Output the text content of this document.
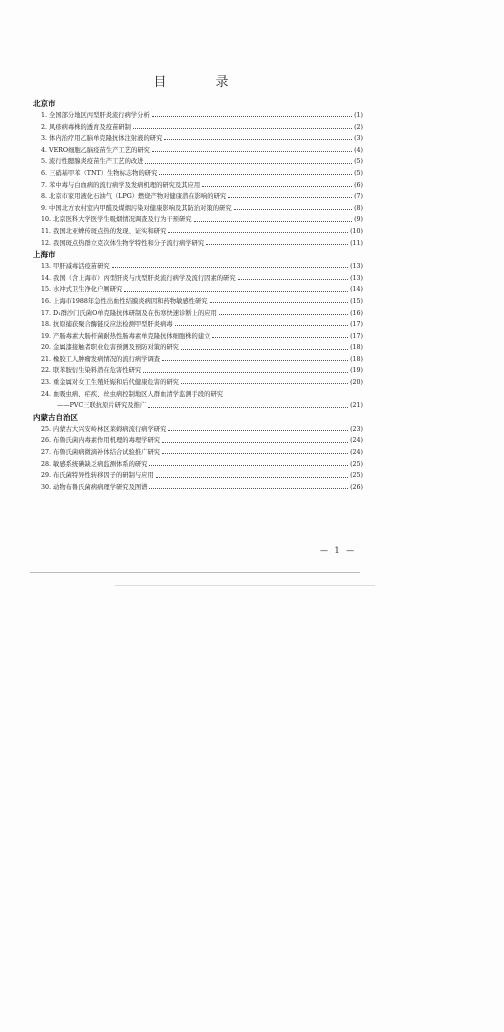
目　录
北京市
1. 全国部分地区丙型肝炎流行病学分析	(1)
2. 风疹病毒株的透育及疫苗研制	(2)
3. 体内治疗用乙脑单克隆抗体注射液的研究	(3)
4. VERO细胞乙脑疫苗生产工艺的研究	(4)
5. 流行性腮腺炎疫苗生产工艺的改进	(5)
6. 三硝基甲苯（TNT）生物标志物的研究	(5)
7. 苯中毒与白血病的流行病学及发病机理的研究及其应用	(6)
8. 北京市家用液化石油气（LPG）燃烧产物对健康潜在影响的研究	(7)
9. 中国北方农村室内甲醛及煤烟污染对健康影响及其防治对策的研究	(8)
10. 北京医科大学医学生吸烟情况调查及行为干预研究	(9)
11. 我国北亚蜱传斑点热的发现、证实和研究	(10)
12. 我国斑点热群立克次体生物学特性和分子流行病学研究	(11)
上海市
13. 甲肝减毒活疫苗研究	(13)
14. 我国（含上海市）丙型肝炎与戊型肝炎流行病学及流行因素的研究	(13)
15. 水冲式卫生净化户厕研究	(14)
16. 上海市1988年急性出血性结膜炎病因和药物敏感性研究	(15)
17. D₁群沙门氏菌O单克隆抗体研制及在伤寒快速诊断上的应用	(16)
18. 抗原捕获聚合酶链反应法检测甲型肝炎病毒	(17)
19. 产肠毒素大肠杆菌耐热性肠毒素单克隆抗体细胞株的建立	(17)
20. 金属漆接触者职业危害预测及预防对策的研究	(18)
21. 橡胶工人肿瘤发病情况的流行病学调查	(18)
22. 联苯胺衍生染料潜在危害性研究	(19)
23. 重金属对女工生殖妊娠和后代健康危害的研究	(20)
24. 血吸虫病、疟疾、丝虫病控制地区人群血清学监测手段的研究
——PVC三联抗原片研究及推广	(21)
内蒙古自治区
25. 内蒙古大兴安岭林区莱姆病流行病学研究	(23)
26. 布鲁氏菌内毒素作用机理的毒理学研究	(24)
27. 布鲁氏菌病微滴补体结合试验推广研究	(24)
28. 敏感系统碘缺乏病监测体系的研究	(25)
29. 布氏菌特异性转移因子的研制与应用	(25)
30. 动物布鲁氏菌病病理学研究及图谱	(26)
— 1 —
